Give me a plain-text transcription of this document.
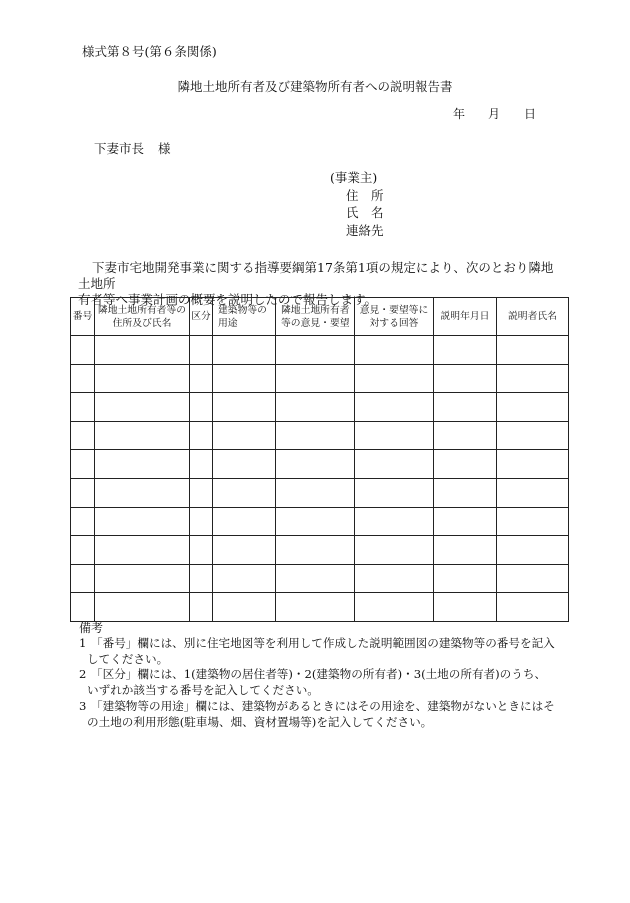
様式第８号(第６条関係)
隣地土地所有者及び建築物所有者への説明報告書
年 月 日
下妻市長 様
(事業主)
住　所
氏　名
連絡先
下妻市宅地開発事業に関する指導要綱第17条第1項の規定により、次のとおり隣地土地所
有者等へ事業計画の概要を説明したので報告します。
番号	隣地土地所有者等の住所及び氏名	区分	建築物等の用途	隣地土地所有者等の意見・要望	意見・要望等に対する回答	説明年月日	説明者氏名

備考
1 「番号」欄には、別に住宅地図等を利用して作成した説明範囲図の建築物等の番号を記入
してください。
2 「区分」欄には、1(建築物の居住者等)・2(建築物の所有者)・3(土地の所有者)のうち、
いずれか該当する番号を記入してください。
3 「建築物等の用途」欄には、建築物があるときにはその用途を、建築物がないときにはそ
の土地の利用形態(駐車場、畑、資材置場等)を記入してください。
